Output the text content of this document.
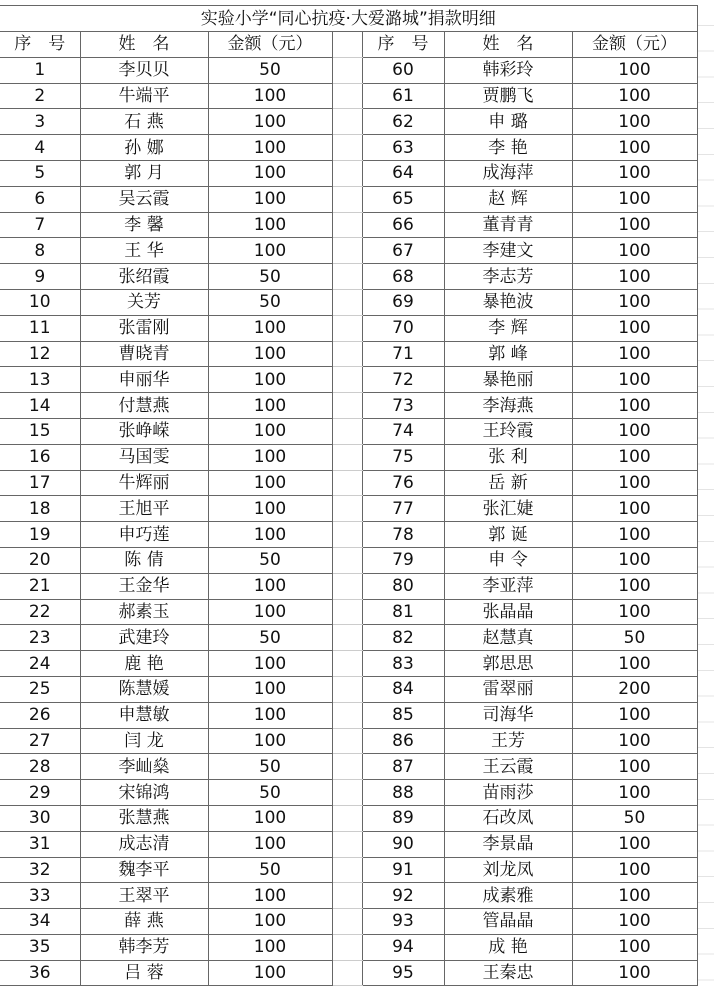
实验小学“同心抗疫·大爱潞城”捐款明细						
序　号	姓　名	金额（元）		序　号	姓　名	金额（元）
1	李贝贝	50		60	韩彩玲	100
2	牛端平	100		61	贾鹏飞	100
3	石 燕	100		62	申 璐	100
4	孙 娜	100		63	李 艳	100
5	郭 月	100		64	成海萍	100
6	吴云霞	100		65	赵 辉	100
7	李 馨	100		66	董青青	100
8	王 华	100		67	李建文	100
9	张绍霞	50		68	李志芳	100
10	关芳	50		69	暴艳波	100
11	张雷刚	100		70	李 辉	100
12	曹晓青	100		71	郭 峰	100
13	申丽华	100		72	暴艳丽	100
14	付慧燕	100		73	李海燕	100
15	张峥嵘	100		74	王玲霞	100
16	马国雯	100		75	张 利	100
17	牛辉丽	100		76	岳 新	100
18	王旭平	100		77	张汇婕	100
19	申巧莲	100		78	郭 诞	100
20	陈 倩	50		79	申 令	100
21	王金华	100		80	李亚萍	100
22	郝素玉	100		81	张晶晶	100
23	武建玲	50		82	赵慧真	50
24	鹿 艳	100		83	郭思思	100
25	陈慧媛	100		84	雷翠丽	200
26	申慧敏	100		85	司海华	100
27	闫 龙	100		86	王芳	100
28	李屾燊	50		87	王云霞	100
29	宋锦鸿	50		88	苗雨莎	100
30	张慧燕	100		89	石改凤	50
31	成志清	100		90	李景晶	100
32	魏李平	50		91	刘龙凤	100
33	王翠平	100		92	成素雅	100
34	薛 燕	100		93	管晶晶	100
35	韩李芳	100		94	成 艳	100
36	吕 蓉	100		95	王秦忠	100
